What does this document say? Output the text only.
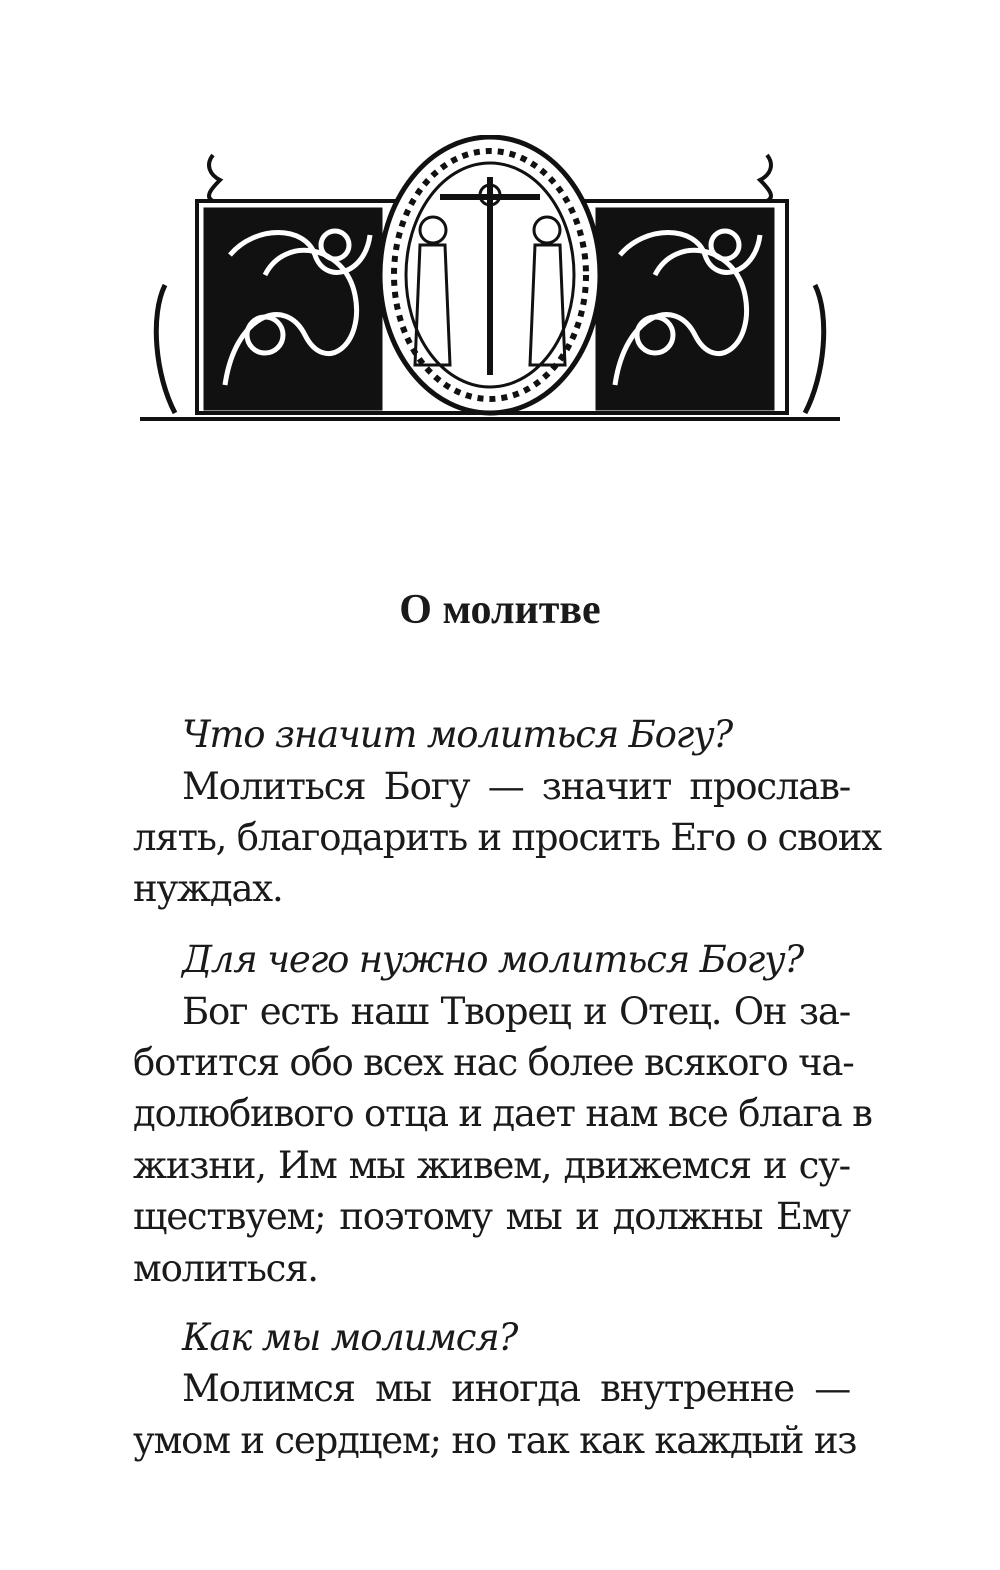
О молитве
Что значит молиться Богу?
Молиться Богу — значит прослав-
лять, благодарить и просить Его о своих
нуждах.
Для чего нужно молиться Богу?
Бог есть наш Творец и Отец. Он за-
ботится обо всех нас более всякого ча-
долюбивого отца и дает нам все блага в
жизни, Им мы живем, движемся и су-
ществуем; поэтому мы и должны Ему
молиться.
Как мы молимся?
Молимся мы иногда внутренне —
умом и сердцем; но так как каждый из
